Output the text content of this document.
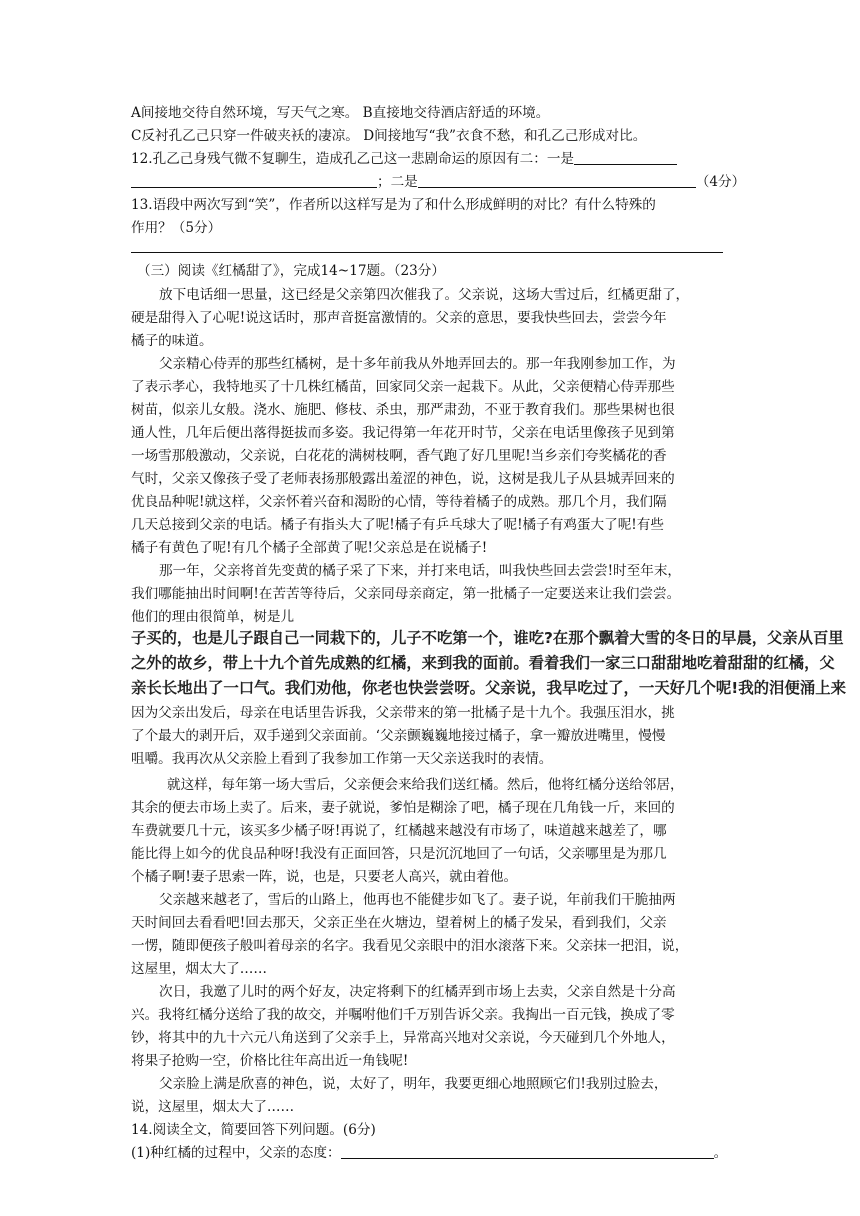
A间接地交待自然环境，写天气之寒。 B直接地交待酒店舒适的环境。
C反衬孔乙己只穿一件破夹袄的凄凉。 D间接地写“我”衣食不愁，和孔乙己形成对比。
12.孔乙己身残气微不复聊生，造成孔乙己这一悲剧命运的原因有二：一是
；二是	（4分）
13.语段中两次写到“笑”，作者所以这样写是为了和什么形成鲜明的对比？有什么特殊的
作用？（5分）
（三）阅读《红橘甜了》，完成14~17题。（23分）
放下电话细一思量，这已经是父亲第四次催我了。父亲说，这场大雪过后，红橘更甜了，
硬是甜得入了心呢!说这话时，那声音挺富激情的。父亲的意思，要我快些回去，尝尝今年
橘子的味道。
父亲精心侍弄的那些红橘树，是十多年前我从外地弄回去的。那一年我刚参加工作，为
了表示孝心，我特地买了十几株红橘苗，回家同父亲一起栽下。从此，父亲便精心侍弄那些
树苗，似亲儿女般。浇水、施肥、修枝、杀虫，那严肃劲，不亚于教育我们。那些果树也很
通人性，几年后便出落得挺拔而多姿。我记得第一年花开时节，父亲在电话里像孩子见到第
一场雪那般激动，父亲说，白花花的满树枝啊，香气跑了好几里呢!当乡亲们夸奖橘花的香
气时，父亲又像孩子受了老师表扬那般露出羞涩的神色，说，这树是我儿子从县城弄回来的
优良品种呢!就这样，父亲怀着兴奋和渴盼的心情，等待着橘子的成熟。那几个月，我们隔
几天总接到父亲的电话。橘子有指头大了呢!橘子有乒乓球大了呢!橘子有鸡蛋大了呢!有些
橘子有黄色了呢!有几个橘子全部黄了呢!父亲总是在说橘子!
那一年，父亲将首先变黄的橘子采了下来，并打来电话，叫我快些回去尝尝!时至年末，
我们哪能抽出时间啊!在苦苦等待后，父亲同母亲商定，第一批橘子一定要送来让我们尝尝。
他们的理由很简单，树是儿
子买的，也是儿子跟自己一同栽下的，儿子不吃第一个，谁吃?在那个飘着大雪的冬日的早晨，父亲从百里
之外的故乡，带上十九个首先成熟的红橘，来到我的面前。看着我们一家三口甜甜地吃着甜甜的红橘，父
亲长长地出了一口气。我们劝他，你老也快尝尝呀。父亲说，我早吃过了，一天好几个呢!我的泪便涌上来
因为父亲出发后，母亲在电话里告诉我，父亲带来的第一批橘子是十九个。我强压泪水，挑
了个最大的剥开后，双手递到父亲面前。‘父亲颤巍巍地接过橘子，拿一瓣放进嘴里，慢慢
咀嚼。我再次从父亲脸上看到了我参加工作第一天父亲送我时的表情。
就这样，每年第一场大雪后，父亲便会来给我们送红橘。然后，他将红橘分送给邻居，
其余的便去市场上卖了。后来，妻子就说，爹怕是糊涂了吧，橘子现在几角钱一斤，来回的
车费就要几十元，该买多少橘子呀!再说了，红橘越来越没有市场了，味道越来越差了，哪
能比得上如今的优良品种呀!我没有正面回答，只是沉沉地回了一句话，父亲哪里是为那几
个橘子啊!妻子思索一阵，说，也是，只要老人高兴，就由着他。
父亲越来越老了，雪后的山路上，他再也不能健步如飞了。妻子说，年前我们干脆抽两
天时间回去看看吧!回去那天，父亲正坐在火塘边，望着树上的橘子发呆，看到我们，父亲
一愣，随即便孩子般叫着母亲的名字。我看见父亲眼中的泪水滚落下来。父亲抹一把泪，说，
这屋里，烟太大了……
次日，我邀了儿时的两个好友，决定将剩下的红橘弄到市场上去卖，父亲自然是十分高
兴。我将红橘分送给了我的故交，并嘱咐他们千万别告诉父亲。我掏出一百元钱，换成了零
钞，将其中的九十六元八角送到了父亲手上，异常高兴地对父亲说，今天碰到几个外地人，
将果子抢购一空，价格比往年高出近一角钱呢!
父亲脸上满是欣喜的神色，说，太好了，明年，我要更细心地照顾它们!我别过脸去，
说，这屋里，烟太大了……
14.阅读全文，简要回答下列问题。(6分)
(1)种红橘的过程中，父亲的态度：	。
